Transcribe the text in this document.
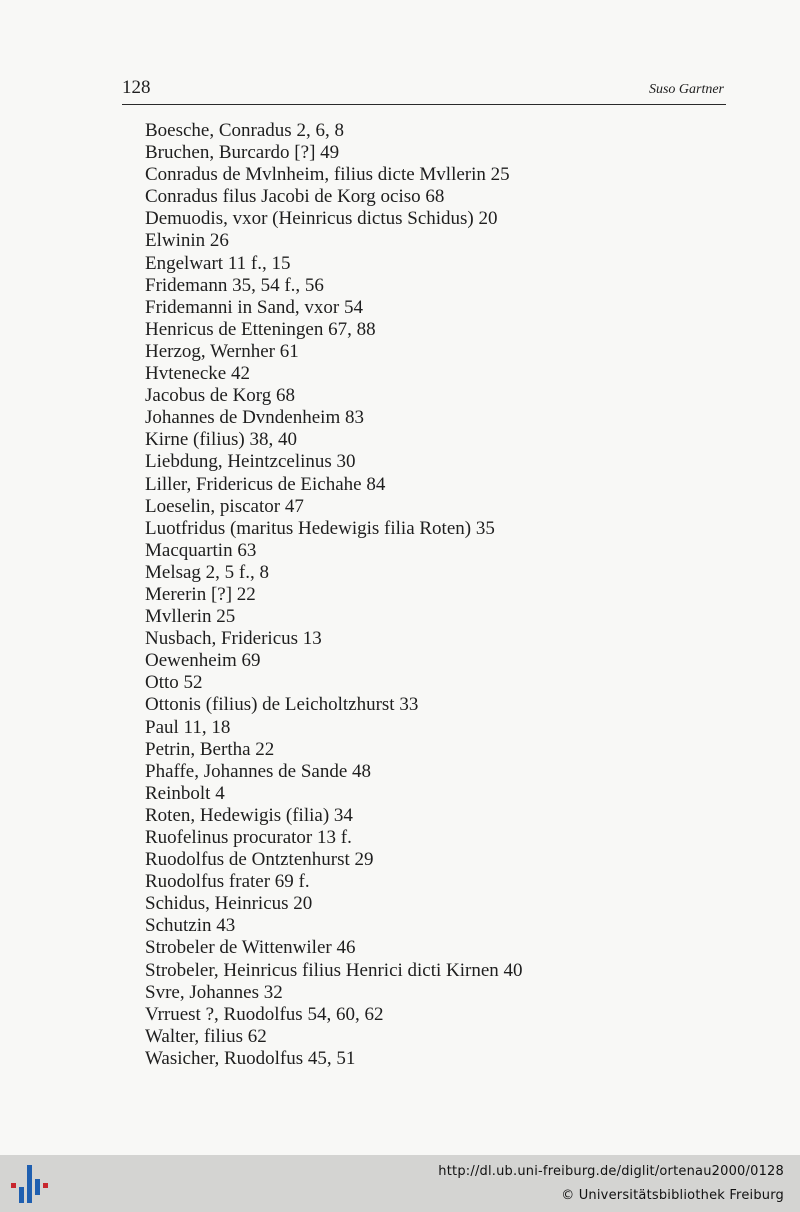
128	Suso Gartner
Boesche, Conradus 2, 6, 8
Bruchen, Burcardo [?] 49
Conradus de Mvlnheim, filius dicte Mvllerin 25
Conradus filus Jacobi de Korg ociso 68
Demuodis, vxor (Heinricus dictus Schidus) 20
Elwinin 26
Engelwart 11 f., 15
Fridemann 35, 54 f., 56
Fridemanni in Sand, vxor 54
Henricus de Etteningen 67, 88
Herzog, Wernher 61
Hvtenecke 42
Jacobus de Korg 68
Johannes de Dvndenheim 83
Kirne (filius) 38, 40
Liebdung, Heintzcelinus 30
Liller, Fridericus de Eichahe 84
Loeselin, piscator 47
Luotfridus (maritus Hedewigis filia Roten) 35
Macquartin 63
Melsag 2, 5 f., 8
Mererin [?] 22
Mvllerin 25
Nusbach, Fridericus 13
Oewenheim 69
Otto 52
Ottonis (filius) de Leicholtzhurst 33
Paul 11, 18
Petrin, Bertha 22
Phaffe, Johannes de Sande 48
Reinbolt 4
Roten, Hedewigis (filia) 34
Ruofelinus procurator 13 f.
Ruodolfus de Ontztenhurst 29
Ruodolfus frater 69 f.
Schidus, Heinricus 20
Schutzin 43
Strobeler de Wittenwiler 46
Strobeler, Heinricus filius Henrici dicti Kirnen 40
Svre, Johannes 32
Vrruest ?, Ruodolfus 54, 60, 62
Walter, filius 62
Wasicher, Ruodolfus 45, 51
http://dl.ub.uni-freiburg.de/diglit/ortenau2000/0128
© Universitätsbibliothek Freiburg
